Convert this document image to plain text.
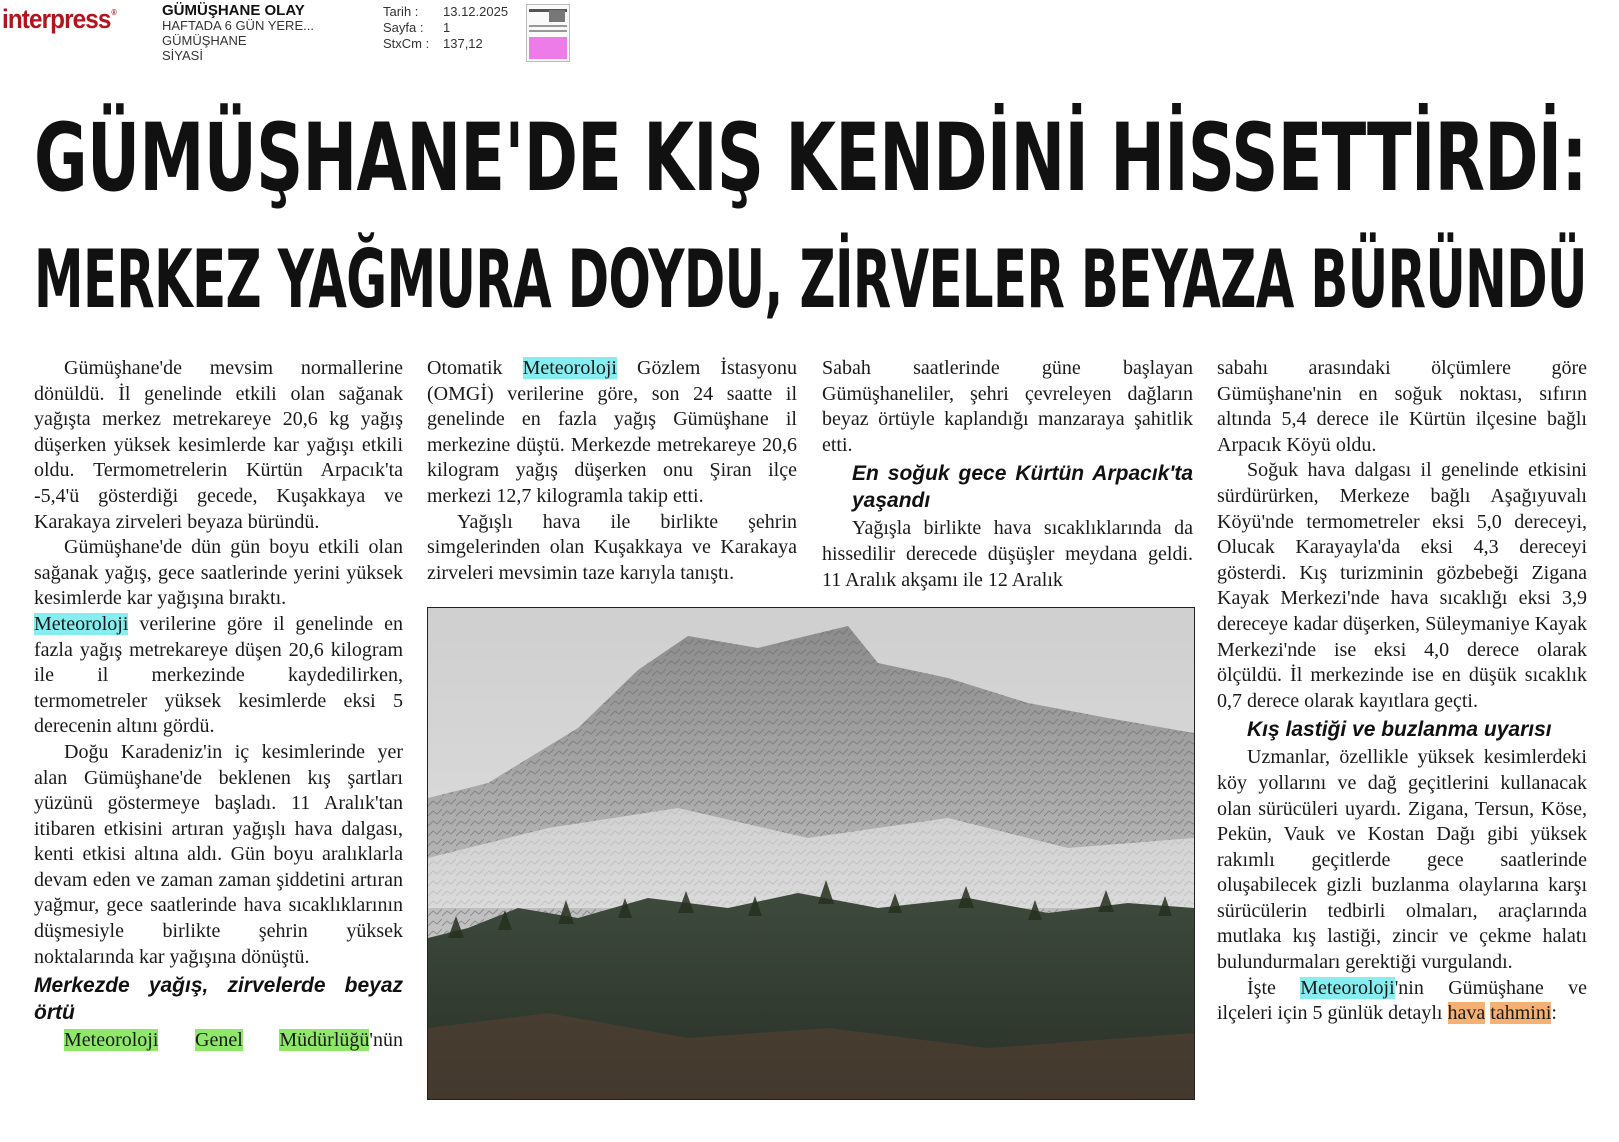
interpress®	GÜMÜŞHANE OLAY
HAFTADA 6 GÜN YERE...
GÜMÜŞHANE
SİYASİ
Tarih :	13.12.2025
Sayfa :	1
StxCm :	137,12
GÜMÜŞHANE'DE KIŞ KENDİNİ HİSSETTİRDİ:
MERKEZ YAĞMURA DOYDU, ZİRVELER BEYAZA BÜRÜNDÜ

Gümüşhane'de mevsim normallerine dönüldü. İl genelinde etkili olan sağanak yağışta merkez metrekareye 20,6 kg yağış düşerken yüksek kesimlerde kar yağışı etkili oldu. Termometrelerin Kürtün Arpacık'ta -5,4'ü gösterdiği gecede, Kuşakkaya ve Karakaya zirveleri beyaza büründü.

Gümüşhane'de dün gün boyu etkili olan sağanak yağış, gece saatlerinde yerini yüksek kesimlerde kar yağışına bıraktı.

Meteoroloji verilerine göre il genelinde en fazla yağış metrekareye düşen 20,6 kilogram ile il merkezinde kaydedilirken, termometreler yüksek kesimlerde eksi 5 derecenin altını gördü.

Doğu Karadeniz'in iç kesimlerinde yer alan Gümüşhane'de beklenen kış şartları yüzünü göstermeye başladı. 11 Aralık'tan itibaren etkisini artıran yağışlı hava dalgası, kenti etkisi altına aldı. Gün boyu aralıklarla devam eden ve zaman zaman şiddetini artıran yağmur, gece saatlerinde hava sıcaklıklarının düşmesiyle birlikte şehrin yüksek noktalarında kar yağışına dönüştü.

Merkezde yağış, zirvelerde beyaz örtü

Meteoroloji Genel Müdürlüğü'nün

Otomatik Meteoroloji Gözlem İstasyonu (OMGİ) verilerine göre, son 24 saatte il genelinde en fazla yağış Gümüşhane il merkezine düştü. Merkezde metrekareye 20,6 kilogram yağış düşerken onu Şiran ilçe merkezi 12,7 kilogramla takip etti.

Yağışlı hava ile birlikte şehrin simgelerinden olan Kuşakkaya ve Karakaya zirveleri mevsimin taze karıyla tanıştı.

Sabah saatlerinde güne başlayan Gümüşhaneliler, şehri çevreleyen dağların beyaz örtüyle kaplandığı manzaraya şahitlik etti.

En soğuk gece Kürtün Arpacık'ta yaşandı

Yağışla birlikte hava sıcaklıklarında da hissedilir derecede düşüşler meydana geldi. 11 Aralık akşamı ile 12 Aralık

sabahı arasındaki ölçümlere göre Gümüşhane'nin en soğuk noktası, sıfırın altında 5,4 derece ile Kürtün ilçesine bağlı Arpacık Köyü oldu.

Soğuk hava dalgası il genelinde etkisini sürdürürken, Merkeze bağlı Aşağıyuvalı Köyü'nde termometreler eksi 5,0 dereceyi, Olucak Karayayla'da eksi 4,3 dereceyi gösterdi. Kış turizminin gözbebeği Zigana Kayak Merkezi'nde hava sıcaklığı eksi 3,9 dereceye kadar düşerken, Süleymaniye Kayak Merkezi'nde ise eksi 4,0 derece olarak ölçüldü. İl merkezinde ise en düşük sıcaklık 0,7 derece olarak kayıtlara geçti.

Kış lastiği ve buzlanma uyarısı

Uzmanlar, özellikle yüksek kesimlerdeki köy yollarını ve dağ geçitlerini kullanacak olan sürücüleri uyardı. Zigana, Tersun, Köse, Pekün, Vauk ve Kostan Dağı gibi yüksek rakımlı geçitlerde gece saatlerinde oluşabilecek gizli buzlanma olaylarına karşı sürücülerin tedbirli olmaları, araçlarında mutlaka kış lastiği, zincir ve çekme halatı bulundurmaları gerektiği vurgulandı.

İşte Meteoroloji'nin Gümüşhane ve ilçeleri için 5 günlük detaylı hava tahmini:
